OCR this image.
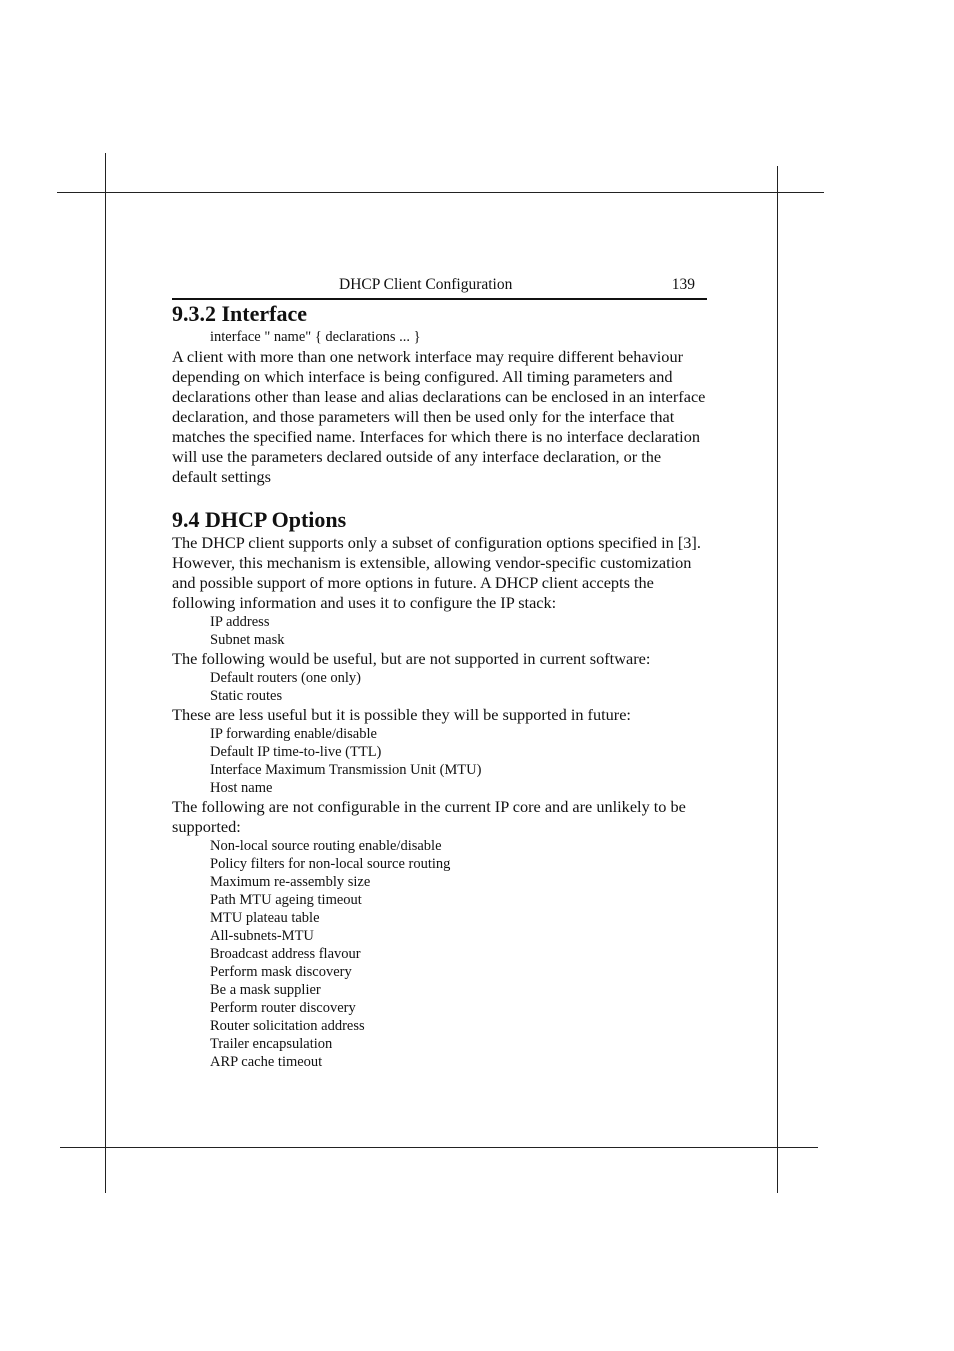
DHCP Client Configuration	139
9.3.2 Interface
interface " name" { declarations ... }

A client with more than one network interface may require different behaviour depending on which interface is being configured. All timing parameters and declarations other than lease and alias declarations can be enclosed in an interface declaration, and those parameters will then be used only for the interface that matches the specified name. Interfaces for which there is no interface declaration will use the parameters declared outside of any interface declaration, or the default settings

9.4 DHCP Options

The DHCP client supports only a subset of configuration options specified in [3]. However, this mechanism is extensible, allowing vendor-specific customization and possible support of more options in future. A DHCP client accepts the following information and uses it to configure the IP stack:

IP address
Subnet mask

The following would be useful, but are not supported in current software:

Default routers (one only)
Static routes

These are less useful but it is possible they will be supported in future:

IP forwarding enable/disable
Default IP time-to-live (TTL)
Interface Maximum Transmission Unit (MTU)
Host name

The following are not configurable in the current IP core and are unlikely to be supported:

Non-local source routing enable/disable
Policy filters for non-local source routing
Maximum re-assembly size
Path MTU ageing timeout
MTU plateau table
All-subnets-MTU
Broadcast address flavour
Perform mask discovery
Be a mask supplier
Perform router discovery
Router solicitation address
Trailer encapsulation
ARP cache timeout
